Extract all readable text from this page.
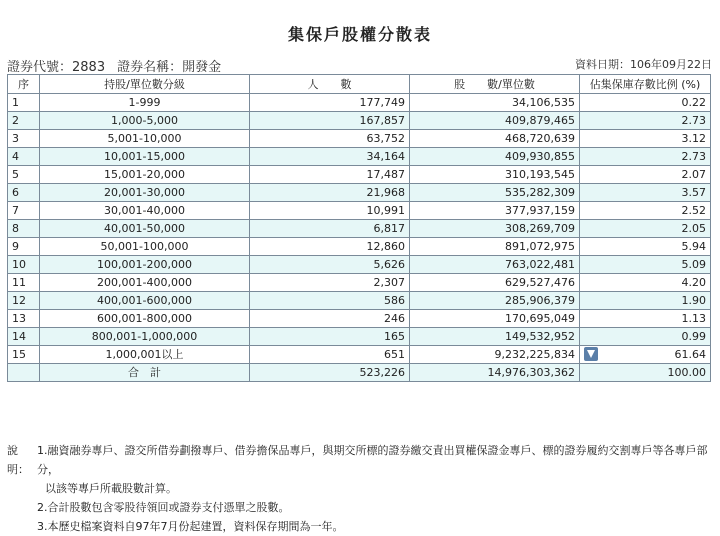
集保戶股權分散表
證券代號：2883 證券名稱：開發金	資料日期：106年09月22日
序	持股/單位數分級	人　　數	股　　數/單位數	佔集保庫存數比例 (%)
1	1-999	177,749	34,106,535	0.22
2	1,000-5,000	167,857	409,879,465	2.73
3	5,001-10,000	63,752	468,720,639	3.12
4	10,001-15,000	34,164	409,930,855	2.73
5	15,001-20,000	17,487	310,193,545	2.07
6	20,001-30,000	21,968	535,282,309	3.57
7	30,001-40,000	10,991	377,937,159	2.52
8	40,001-50,000	6,817	308,269,709	2.05
9	50,001-100,000	12,860	891,072,975	5.94
10	100,001-200,000	5,626	763,022,481	5.09
11	200,001-400,000	2,307	629,527,476	4.20
12	400,001-600,000	586	285,906,379	1.90
13	600,001-800,000	246	170,695,049	1.13
14	800,001-1,000,000	165	149,532,952	0.99
15	1,000,001以上	651	9,232,225,834	61.64
	合　計	523,226	14,976,303,362	100.00
說明：
1.融資融券專戶、證交所借券劃撥專戶、借券擔保品專戶，與期交所標的證券繳交責出買權保證金專戶、標的證券履約交割專戶等各專戶部分，
以該等專戶所載股數計算。
2.合計股數包含零股待領回或證券支付憑單之股數。
3.本歷史檔案資料自97年7月份起建置，資料保存期間為一年。
